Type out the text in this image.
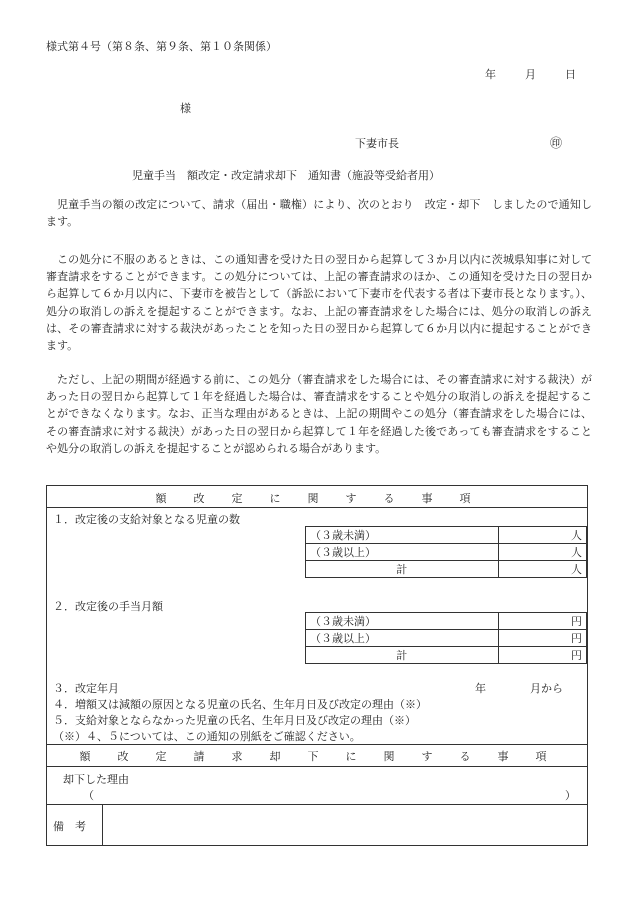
様式第４号（第８条、第９条、第１０条関係）
年	月	日
様
下妻市長	㊞
児童手当　額改定・改定請求却下　通知書（施設等受給者用）
児童手当の額の改定について、請求（届出・職権）により、次のとおり　改定・却下　しましたので通知します。
この処分に不服のあるときは、この通知書を受けた日の翌日から起算して３か月以内に茨城県知事に対して審査請求をすることができます。この処分については、上記の審査請求のほか、この通知を受けた日の翌日から起算して６か月以内に、下妻市を被告として（訴訟において下妻市を代表する者は下妻市長となります。）、処分の取消しの訴えを提起することができます。なお、上記の審査請求をした場合には、処分の取消しの訴えは、その審査請求に対する裁決があったことを知った日の翌日から起算して６か月以内に提起することができます。
ただし、上記の期間が経過する前に、この処分（審査請求をした場合には、その審査請求に対する裁決）があった日の翌日から起算して１年を経過した場合は、審査請求をすることや処分の取消しの訴えを提起することができなくなります。なお、正当な理由があるときは、上記の期間やこの処分（審査請求をした場合には、その審査請求に対する裁決）があった日の翌日から起算して１年を経過した後であっても審査請求をすることや処分の取消しの訴えを提起することが認められる場合があります。
額　改　定　に　関　す　る　事　項
１．改定後の支給対象となる児童の数
（３歳未満）	人
（３歳以上）	人
計	人
２．改定後の手当月額
（３歳未満）	円
（３歳以上）	円
計	円
３．改定年月	年	月から
４．増額又は減額の原因となる児童の氏名、生年月日及び改定の理由（※）
５．支給対象とならなかった児童の氏名、生年月日及び改定の理由（※）
（※）４、５については、この通知の別紙をご確認ください。
額　改　定　請　求　却　下　に　関　す　る　事　項
却下した理由
（	）
備　考
